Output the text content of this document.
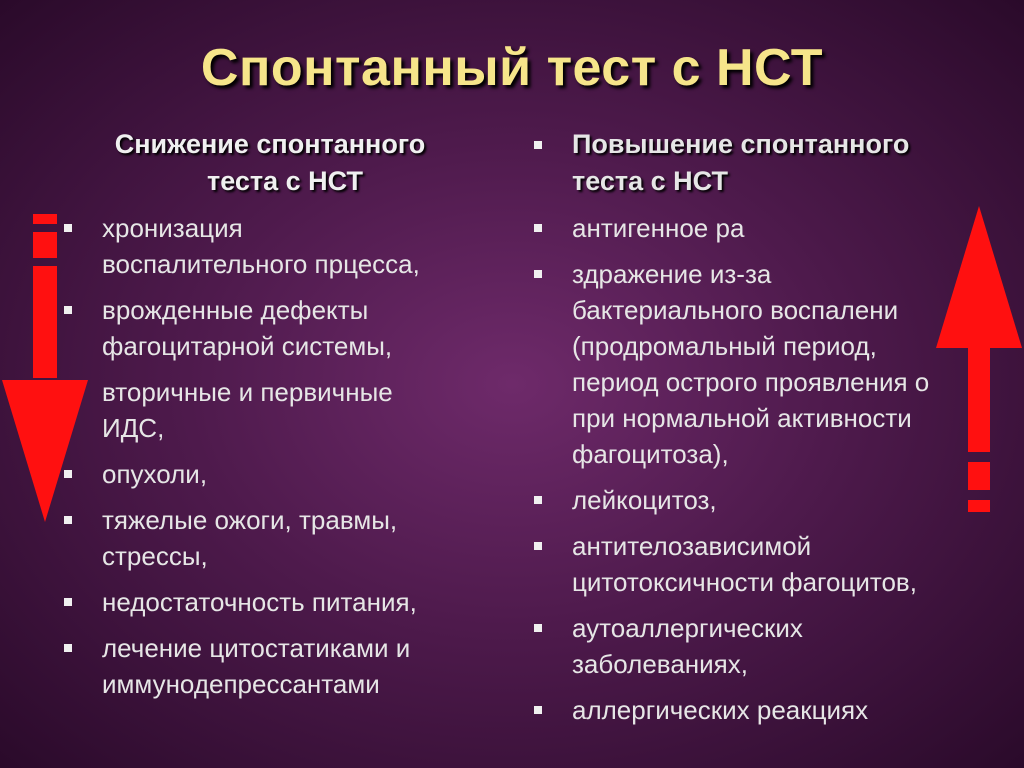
Спонтанный тест с НСТ
Снижение спонтанного
теста с НСТ
хронизация
воспалительного прцесса,
врожденные дефекты
фагоцитарной системы,
вторичные и первичные
ИДС,
опухоли,
тяжелые ожоги, травмы,
стрессы,
недостаточность питания,
лечение цитостатиками и
иммунодепрессантами
Повышение спонтанного
теста с НСТ
антигенное ра
здражение из-за
бактериального воспалени
(продромальный период,
период острого проявления о
при нормальной активности
фагоцитоза),
лейкоцитоз,
антителозависимой
цитотоксичности фагоцитов,
аутоаллергических
заболеваниях,
аллергических реакциях
